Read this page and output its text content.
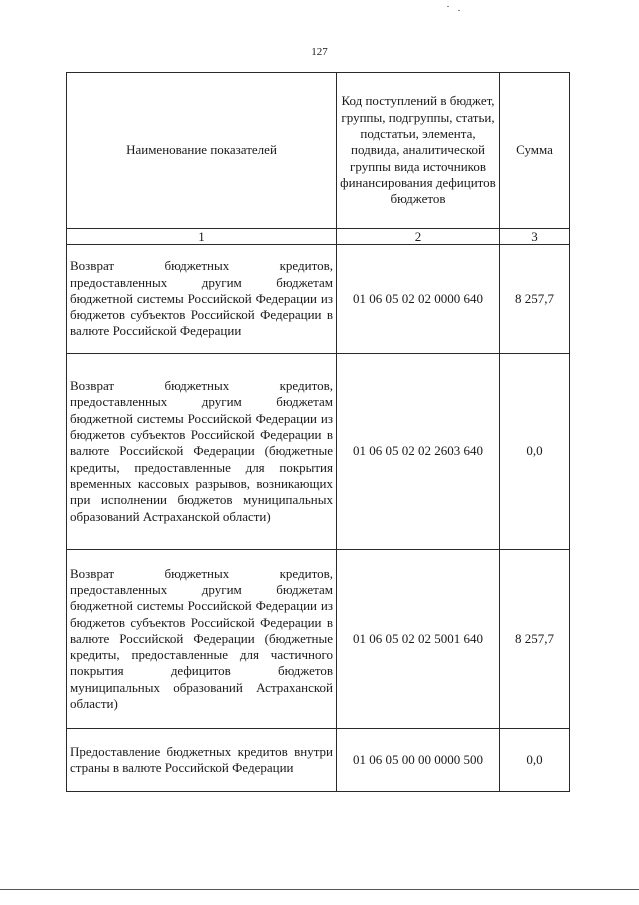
127
Наименование показателей	Код поступлений в бюджет, группы, подгруппы, статьи, подстатьи, элемента, подвида, аналитической группы вида источников финансирования дефицитов бюджетов	Сумма
1	2	3
Возврат бюджетных кредитов, предоставленных другим бюджетам бюджетной системы Российской Федерации из бюджетов субъектов Российской Федерации в валюте Российской Федерации	01 06 05 02 02 0000 640	8 257,7
Возврат бюджетных кредитов, предоставленных другим бюджетам бюджетной системы Российской Федерации из бюджетов субъектов Российской Федерации в валюте Российской Федерации (бюджетные кредиты, предоставленные для покрытия временных кассовых разрывов, возникающих при исполнении бюджетов муниципальных образований Астраханской области)	01 06 05 02 02 2603 640	0,0
Возврат бюджетных кредитов, предоставленных другим бюджетам бюджетной системы Российской Федерации из бюджетов субъектов Российской Федерации в валюте Российской Федерации (бюджетные кредиты, предоставленные для частичного покрытия дефицитов бюджетов муниципальных образований Астраханской области)	01 06 05 02 02 5001 640	8 257,7
Предоставление бюджетных кредитов внутри страны в валюте Российской Федерации	01 06 05 00 00 0000 500	0,0
